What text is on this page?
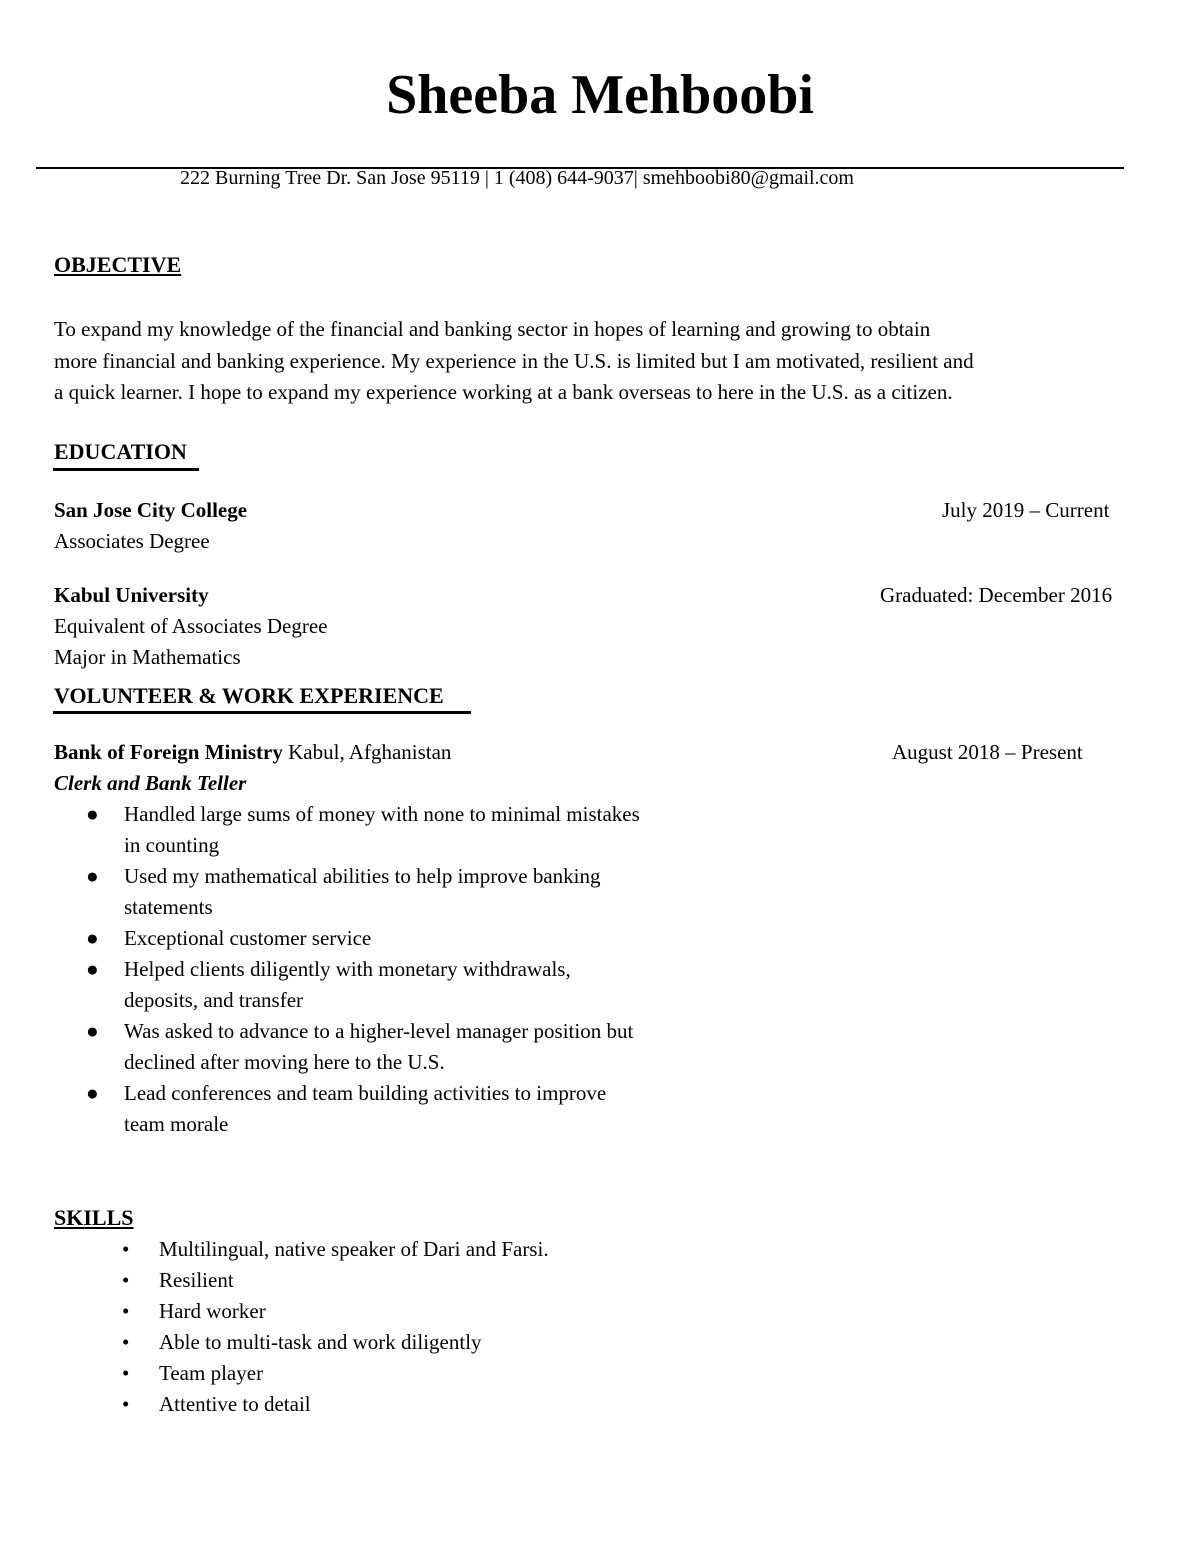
Sheeba Mehboobi
222 Burning Tree Dr. San Jose 95119 | 1 (408) 644-9037| smehboobi80@gmail.com
OBJECTIVE

To expand my knowledge of the financial and banking sector in hopes of learning and growing to obtain

more financial and banking experience. My experience in the U.S. is limited but I am motivated, resilient and

a quick learner. I hope to expand my experience working at a bank overseas to here in the U.S. as a citizen.

EDUCATION
San Jose City College	July 2019 – Current
Associates Degree
Kabul University	Graduated: December 2016
Equivalent of Associates Degree
Major in Mathematics
VOLUNTEER & WORK EXPERIENCE
Bank of Foreign Ministry Kabul, Afghanistan	August 2018 – Present
Clerk and Bank Teller
● Handled large sums of money with none to minimal mistakes
in counting
● Used my mathematical abilities to help improve banking
statements
● Exceptional customer service
● Helped clients diligently with monetary withdrawals,
deposits, and transfer
● Was asked to advance to a higher-level manager position but
declined after moving here to the U.S.
● Lead conferences and team building activities to improve
team morale
SKILLS
• Multilingual, native speaker of Dari and Farsi.
• Resilient
• Hard worker
• Able to multi-task and work diligently
• Team player
• Attentive to detail
